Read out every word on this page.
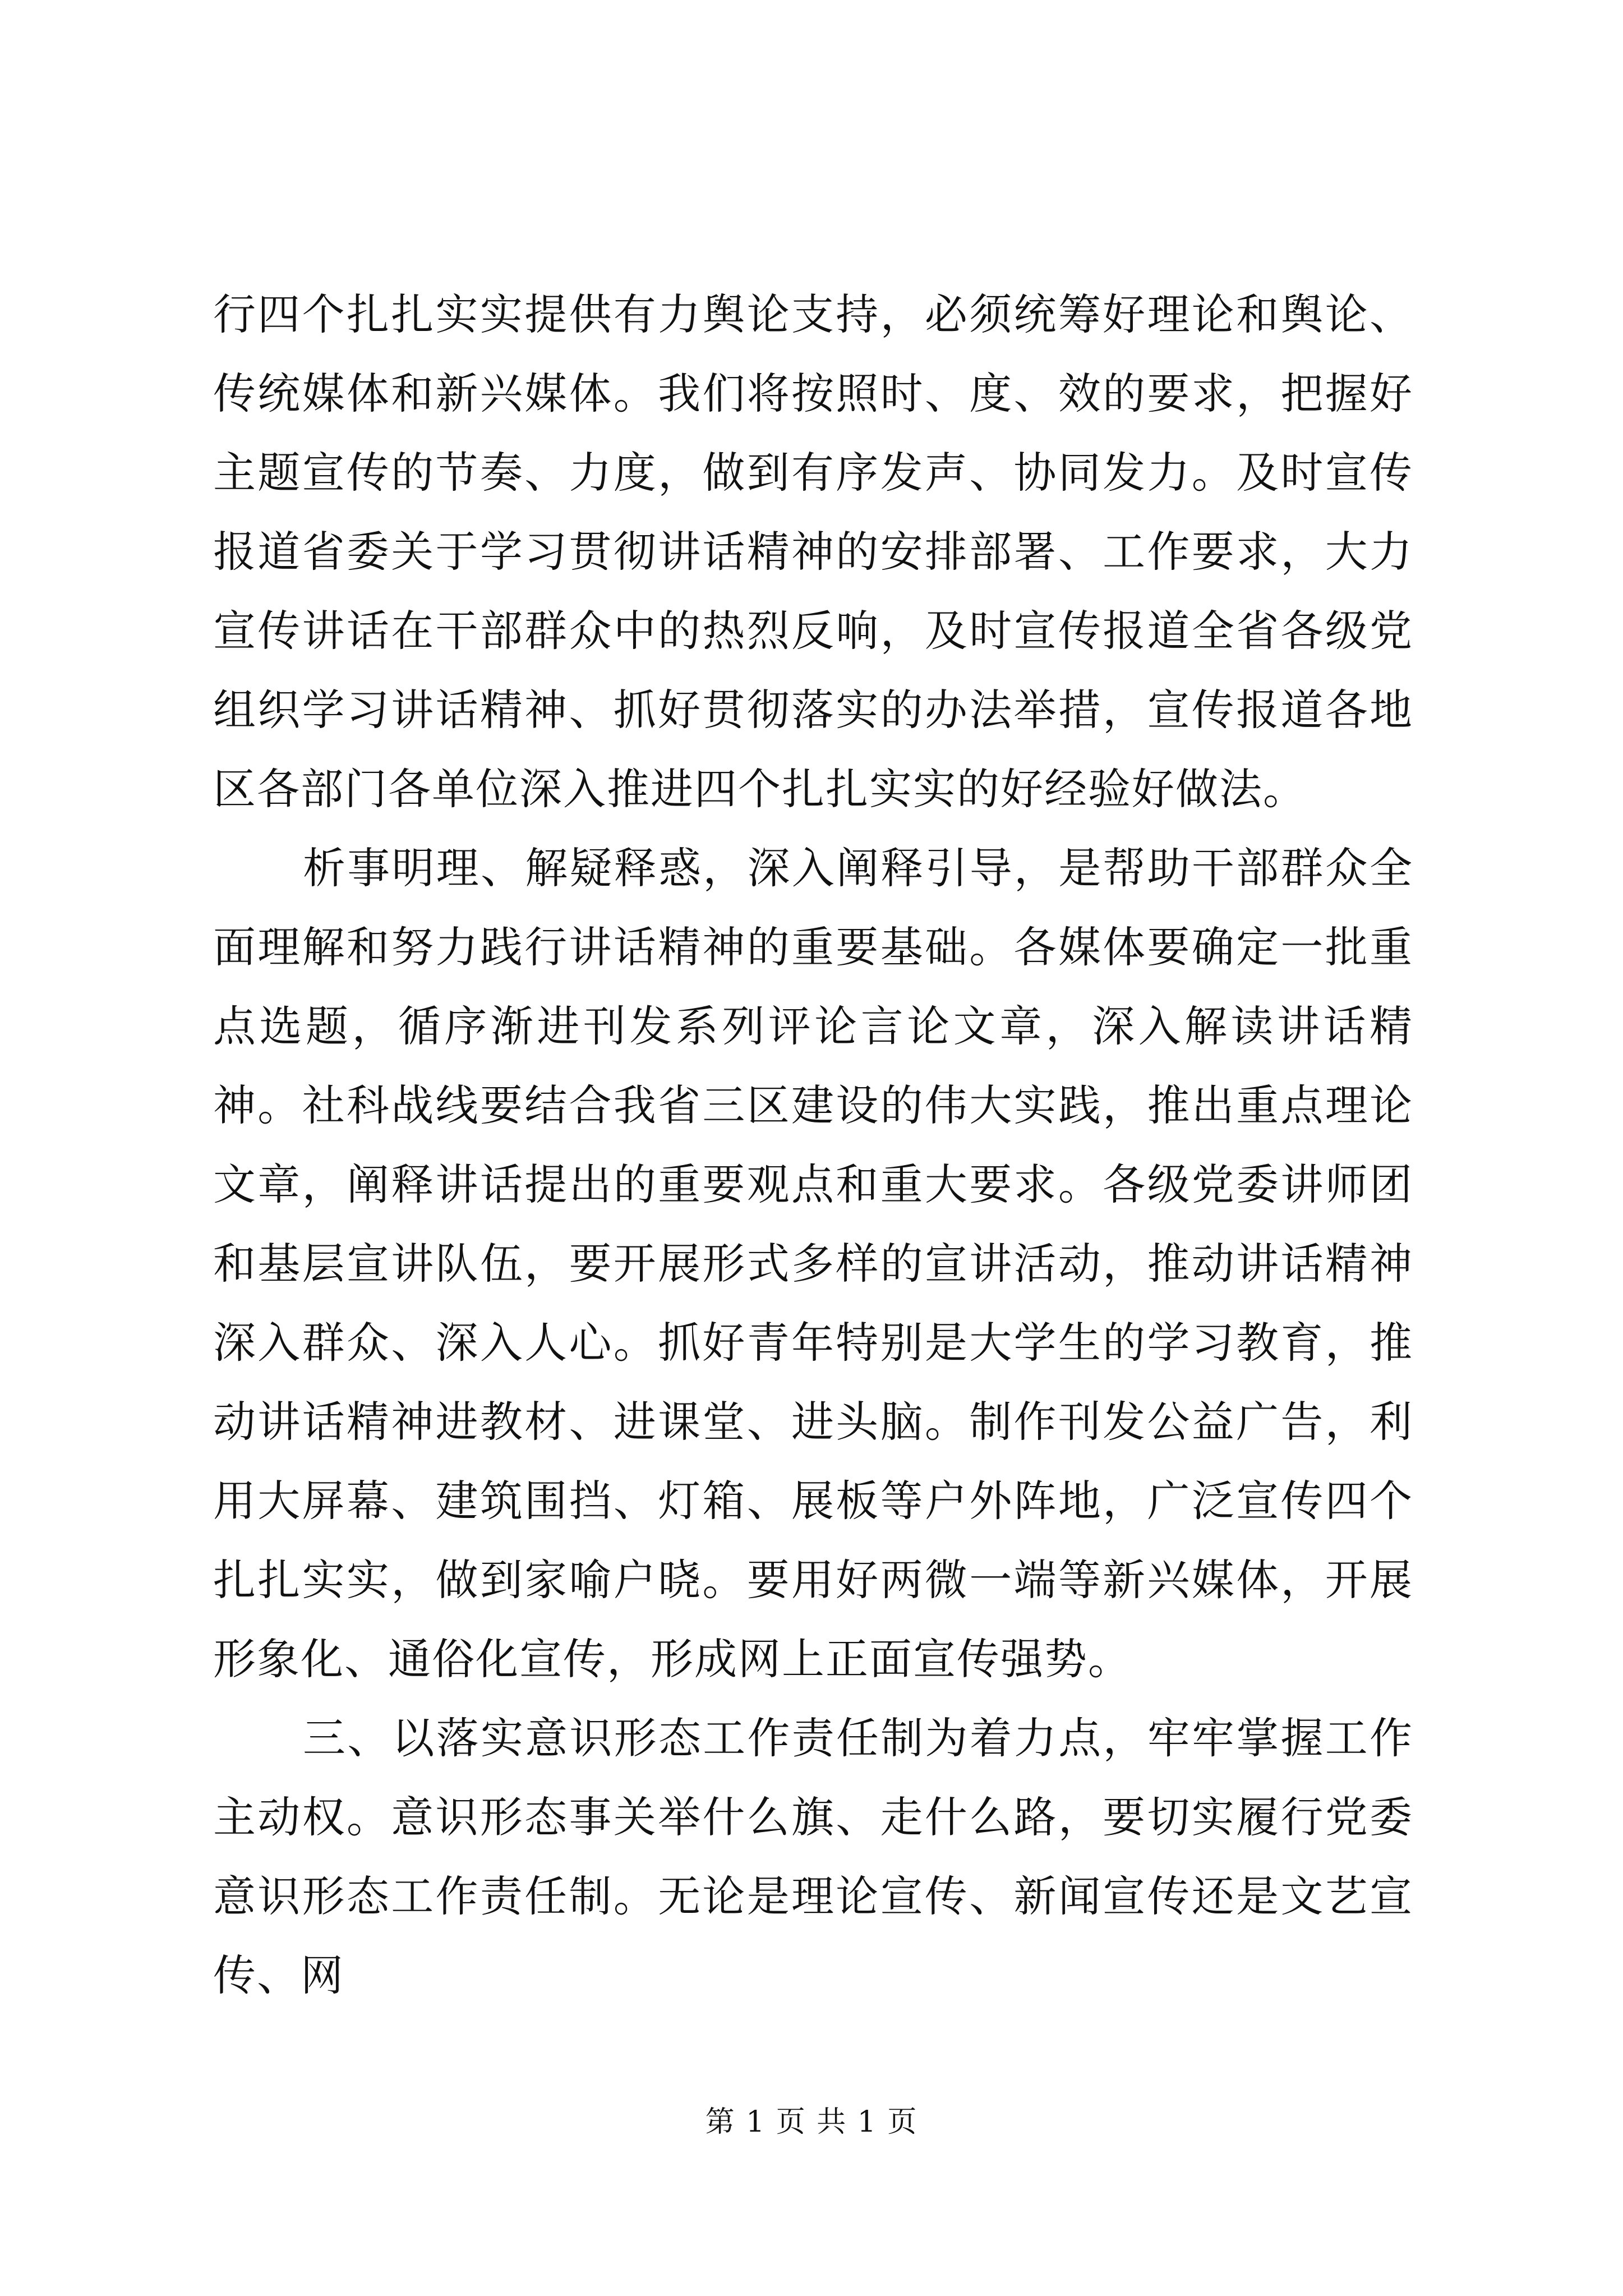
行四个扎扎实实提供有力舆论支持，必须统筹好理论和舆论、传统媒体和新兴媒体。我们将按照时、度、效的要求，把握好主题宣传的节奏、力度，做到有序发声、协同发力。及时宣传报道省委关于学习贯彻讲话精神的安排部署、工作要求，大力宣传讲话在干部群众中的热烈反响，及时宣传报道全省各级党组织学习讲话精神、抓好贯彻落实的办法举措，宣传报道各地区各部门各单位深入推进四个扎扎实实的好经验好做法。

析事明理、解疑释惑，深入阐释引导，是帮助干部群众全面理解和努力践行讲话精神的重要基础。各媒体要确定一批重点选题，循序渐进刊发系列评论言论文章，深入解读讲话精神。社科战线要结合我省三区建设的伟大实践，推出重点理论文章，阐释讲话提出的重要观点和重大要求。各级党委讲师团和基层宣讲队伍，要开展形式多样的宣讲活动，推动讲话精神深入群众、深入人心。抓好青年特别是大学生的学习教育，推动讲话精神进教材、进课堂、进头脑。制作刊发公益广告，利用大屏幕、建筑围挡、灯箱、展板等户外阵地，广泛宣传四个扎扎实实，做到家喻户晓。要用好两微一端等新兴媒体，开展形象化、通俗化宣传，形成网上正面宣传强势。

三、以落实意识形态工作责任制为着力点，牢牢掌握工作主动权。意识形态事关举什么旗、走什么路，要切实履行党委意识形态工作责任制。无论是理论宣传、新闻宣传还是文艺宣传、网

第 1 页 共 1 页
